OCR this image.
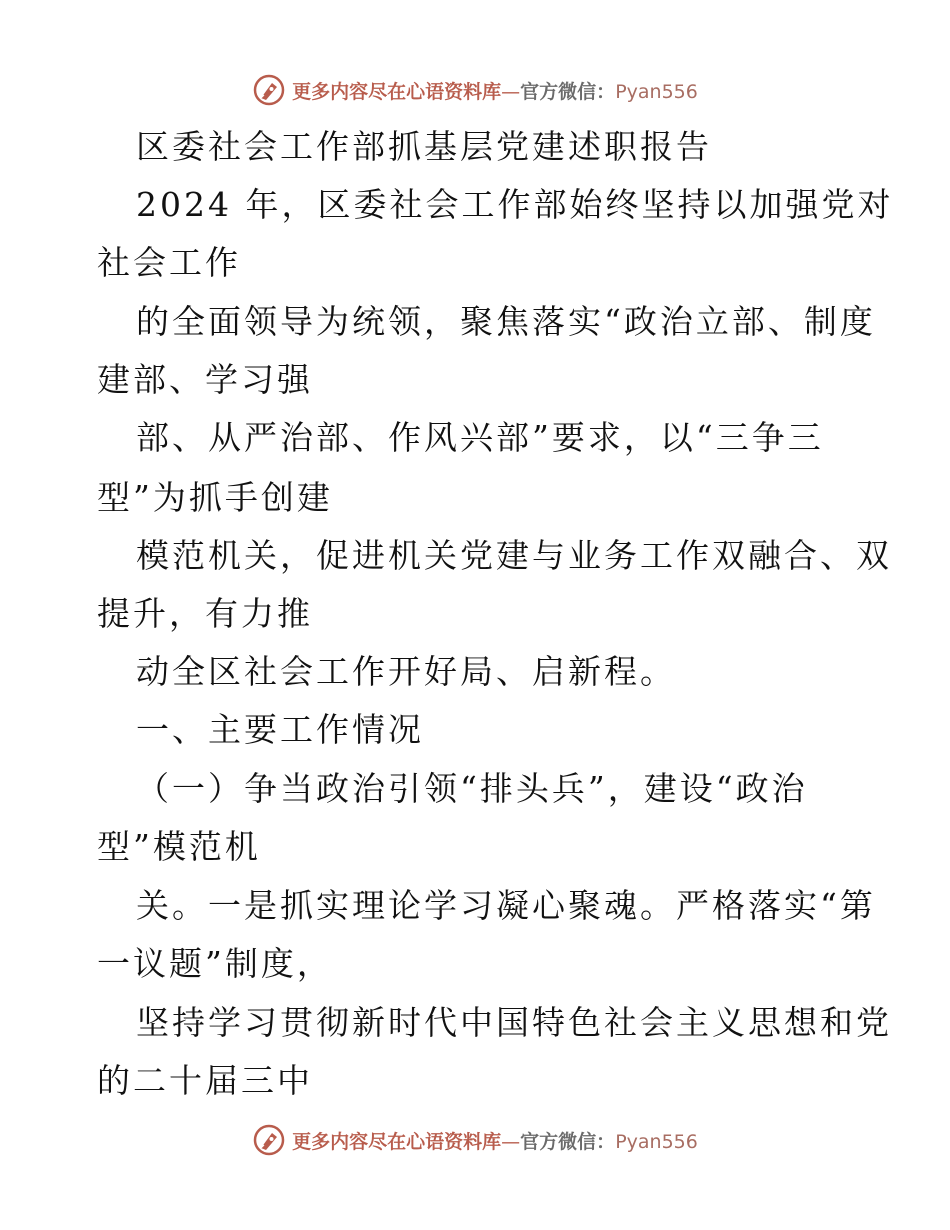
更多内容尽在心语资料库—官方微信：Pyan556
区委社会工作部抓基层党建述职报告
2024 年，区委社会工作部始终坚持以加强党对
社会工作
的全面领导为统领，聚焦落实“政治立部、制度
建部、学习强
部、从严治部、作风兴部”要求，以“三争三
型”为抓手创建
模范机关，促进机关党建与业务工作双融合、双
提升，有力推
动全区社会工作开好局、启新程。
一、主要工作情况
（一）争当政治引领“排头兵”，建设“政治
型”模范机
关。一是抓实理论学习凝心聚魂。严格落实“第
一议题”制度，
坚持学习贯彻新时代中国特色社会主义思想和党
的二十届三中
更多内容尽在心语资料库—官方微信：Pyan556
